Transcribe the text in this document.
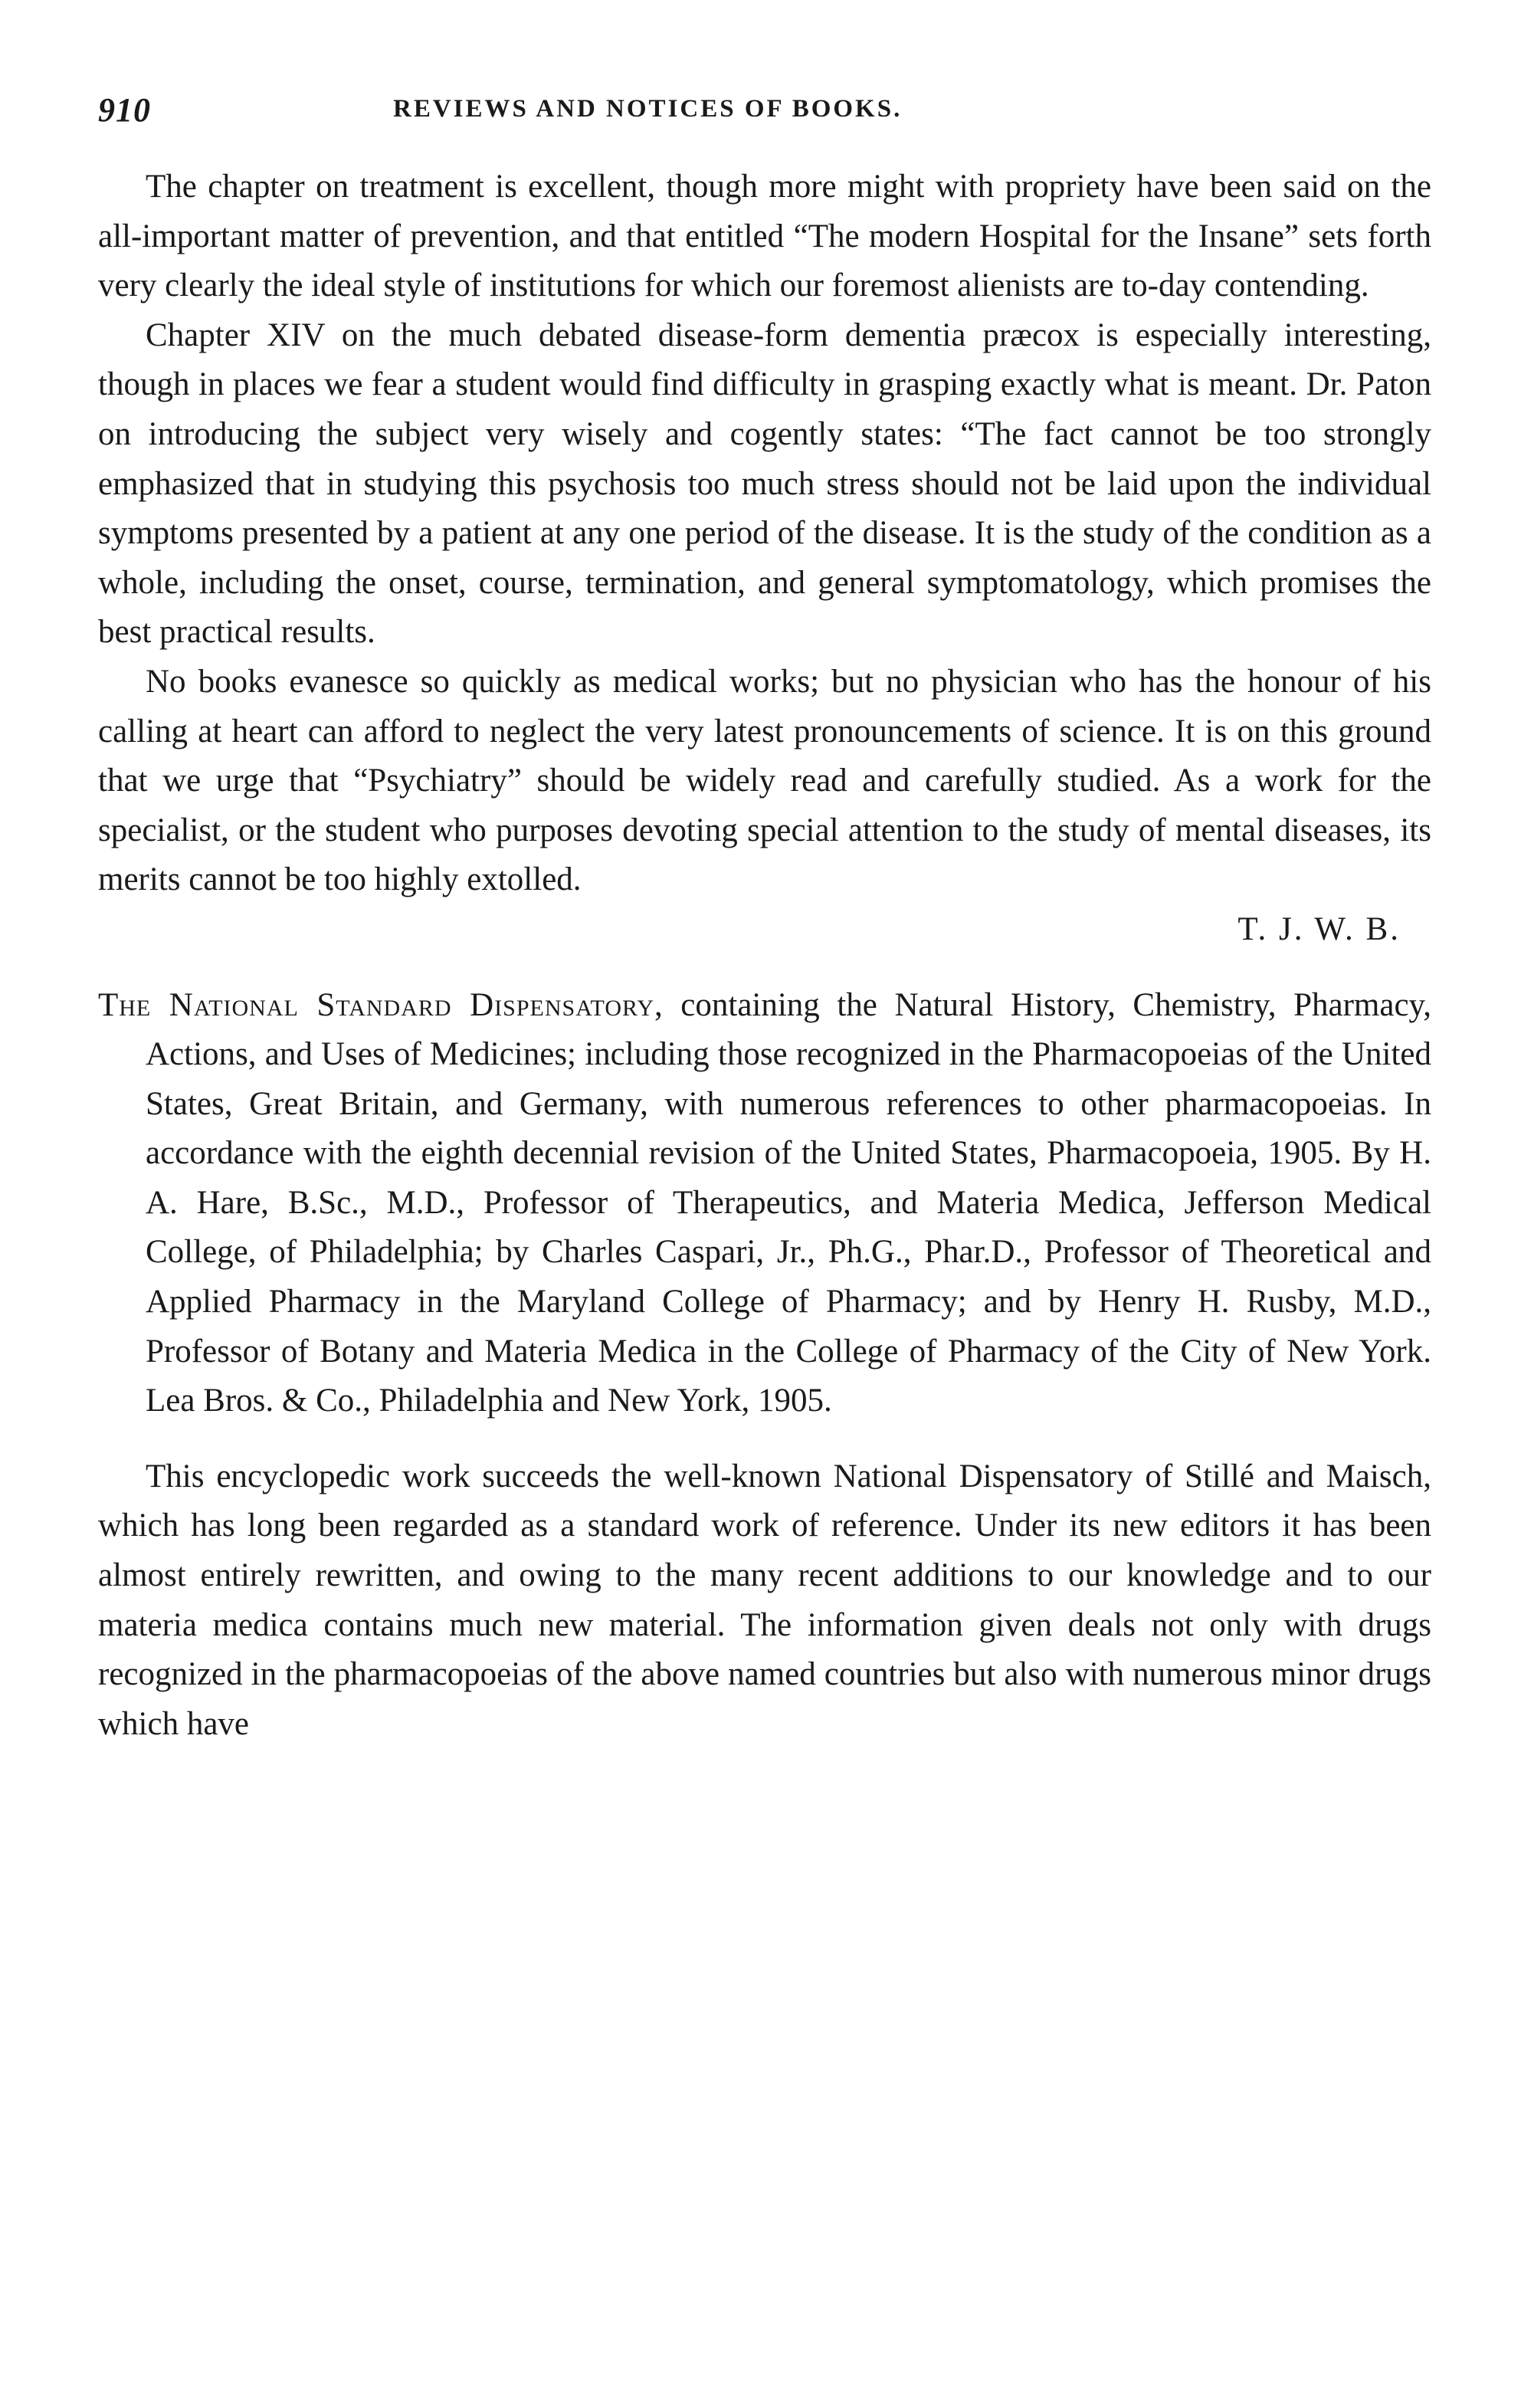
910	REVIEWS AND NOTICES OF BOOKS.

The chapter on treatment is excellent, though more might with propriety have been said on the all-important matter of prevention, and that entitled “The modern Hospital for the Insane” sets forth very clearly the ideal style of institutions for which our foremost alienists are to-day contending.

Chapter XIV on the much debated disease-form dementia præcox is especially interesting, though in places we fear a student would find difficulty in grasping exactly what is meant. Dr. Paton on introducing the subject very wisely and cogently states: “The fact cannot be too strongly emphasized that in studying this psychosis too much stress should not be laid upon the individual symptoms presented by a patient at any one period of the disease. It is the study of the condition as a whole, including the onset, course, termination, and general symptomatology, which promises the best practical results.

No books evanesce so quickly as medical works; but no physician who has the honour of his calling at heart can afford to neglect the very latest pronouncements of science. It is on this ground that we urge that “Psychiatry” should be widely read and carefully studied. As a work for the specialist, or the student who purposes devoting special attention to the study of mental diseases, its merits cannot be too highly extolled.

T. J. W. B.

The National Standard Dispensatory, containing the Natural History, Chemistry, Pharmacy, Actions, and Uses of Medicines; including those recognized in the Pharmacopoeias of the United States, Great Britain, and Germany, with numerous references to other pharmacopoeias. In accordance with the eighth decennial revision of the United States, Pharmacopoeia, 1905. By H. A. Hare, B.Sc., M.D., Professor of Therapeutics, and Materia Medica, Jefferson Medical College, of Philadelphia; by Charles Caspari, Jr., Ph.G., Phar.D., Professor of Theoretical and Applied Pharmacy in the Maryland College of Pharmacy; and by Henry H. Rusby, M.D., Professor of Botany and Materia Medica in the College of Pharmacy of the City of New York. Lea Bros. & Co., Philadelphia and New York, 1905.

This encyclopedic work succeeds the well-known National Dispensatory of Stillé and Maisch, which has long been regarded as a standard work of reference. Under its new editors it has been almost entirely rewritten, and owing to the many recent additions to our knowledge and to our materia medica contains much new material. The information given deals not only with drugs recognized in the pharmacopoeias of the above named countries but also with numerous minor drugs which have
